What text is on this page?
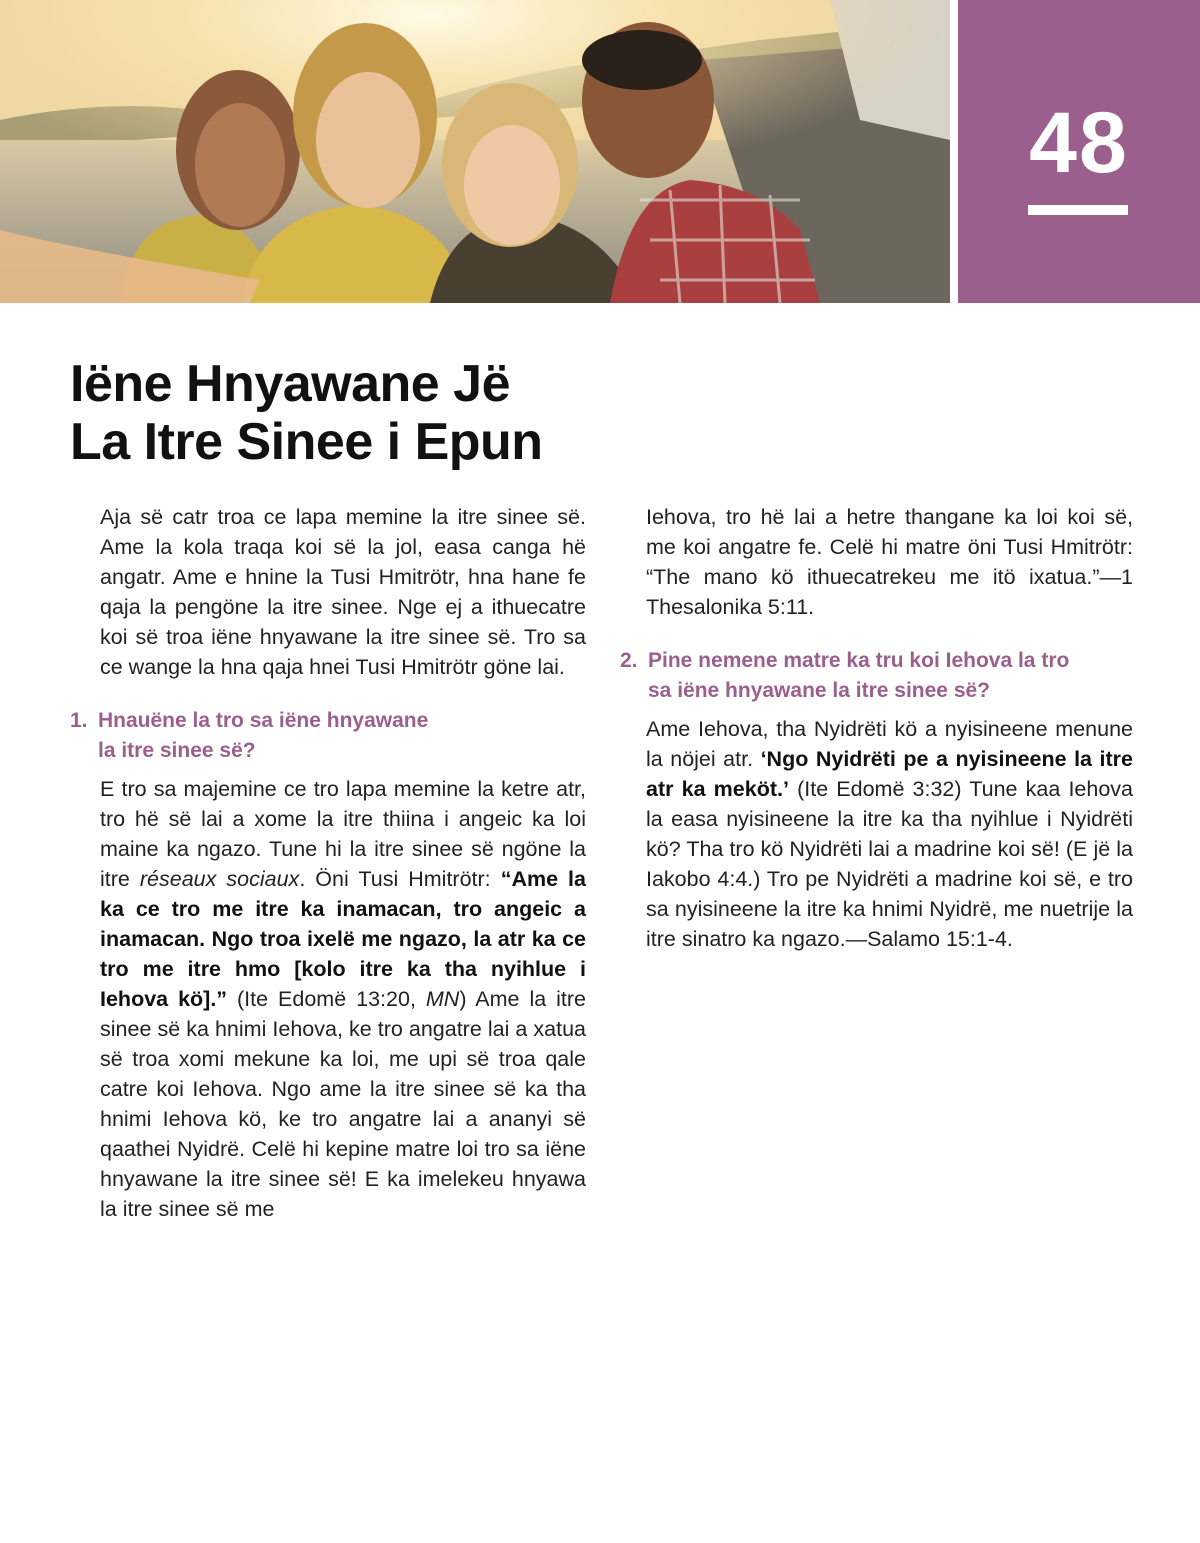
48
Iëne Hnyawane Jë
La Itre Sinee i Epun

Aja së catr troa ce lapa memine la itre sinee së. Ame la kola traqa koi së la jol, easa canga hë angatr. Ame e hnine la Tusi Hmitrötr, hna hane fe qaja la pengöne la itre sinee. Nge ej a ithuecatre koi së troa iëne hnyawane la itre sinee së. Tro sa ce wange la hna qaja hnei Tusi Hmitrötr göne lai.

1. Hnauëne la tro sa iëne hnyawane
la itre sinee së?

E tro sa majemine ce tro lapa memine la ketre atr, tro hë së lai a xome la itre thiina i angeic ka loi maine ka ngazo. Tune hi la itre sinee së ngöne la itre réseaux sociaux. Öni Tusi Hmitrötr: “Ame la ka ce tro me itre ka inamacan, tro angeic a inamacan. Ngo troa ixelë me ngazo, la atr ka ce tro me itre hmo [kolo itre ka tha nyihlue i Iehova kö].” (Ite Edomë 13:20, MN) Ame la itre sinee së ka hnimi Iehova, ke tro angatre lai a xatua së troa xomi mekune ka loi, me upi së troa qale catre koi Iehova. Ngo ame la itre sinee së ka tha hnimi Iehova kö, ke tro angatre lai a ananyi së qaathei Nyidrë. Celë hi kepine matre loi tro sa iëne hnyawane la itre sinee së! E ka imelekeu hnyawa la itre sinee së me

Iehova, tro hë lai a hetre thangane ka loi koi së, me koi angatre fe. Celë hi matre öni Tusi Hmitrötr: “The mano kö ithuecatrekeu me itö ixatua.”—1 Thesalonika 5:11.

2. Pine nemene matre ka tru koi Iehova la tro
sa iëne hnyawane la itre sinee së?

Ame Iehova, tha Nyidrëti kö a nyisineene menune la nöjei atr. ‘Ngo Nyidrëti pe a nyisineene la itre atr ka meköt.’ (Ite Edomë 3:32) Tune kaa Iehova la easa nyisineene la itre ka tha nyihlue i Nyidrëti kö? Tha tro kö Nyidrëti lai a madrine koi së! (E jë la Iakobo 4:4.) Tro pe Nyidrëti a madrine koi së, e tro sa nyisineene la itre ka hnimi Nyidrë, me nuetrije la itre sinatro ka ngazo.—Salamo 15:1-4.
